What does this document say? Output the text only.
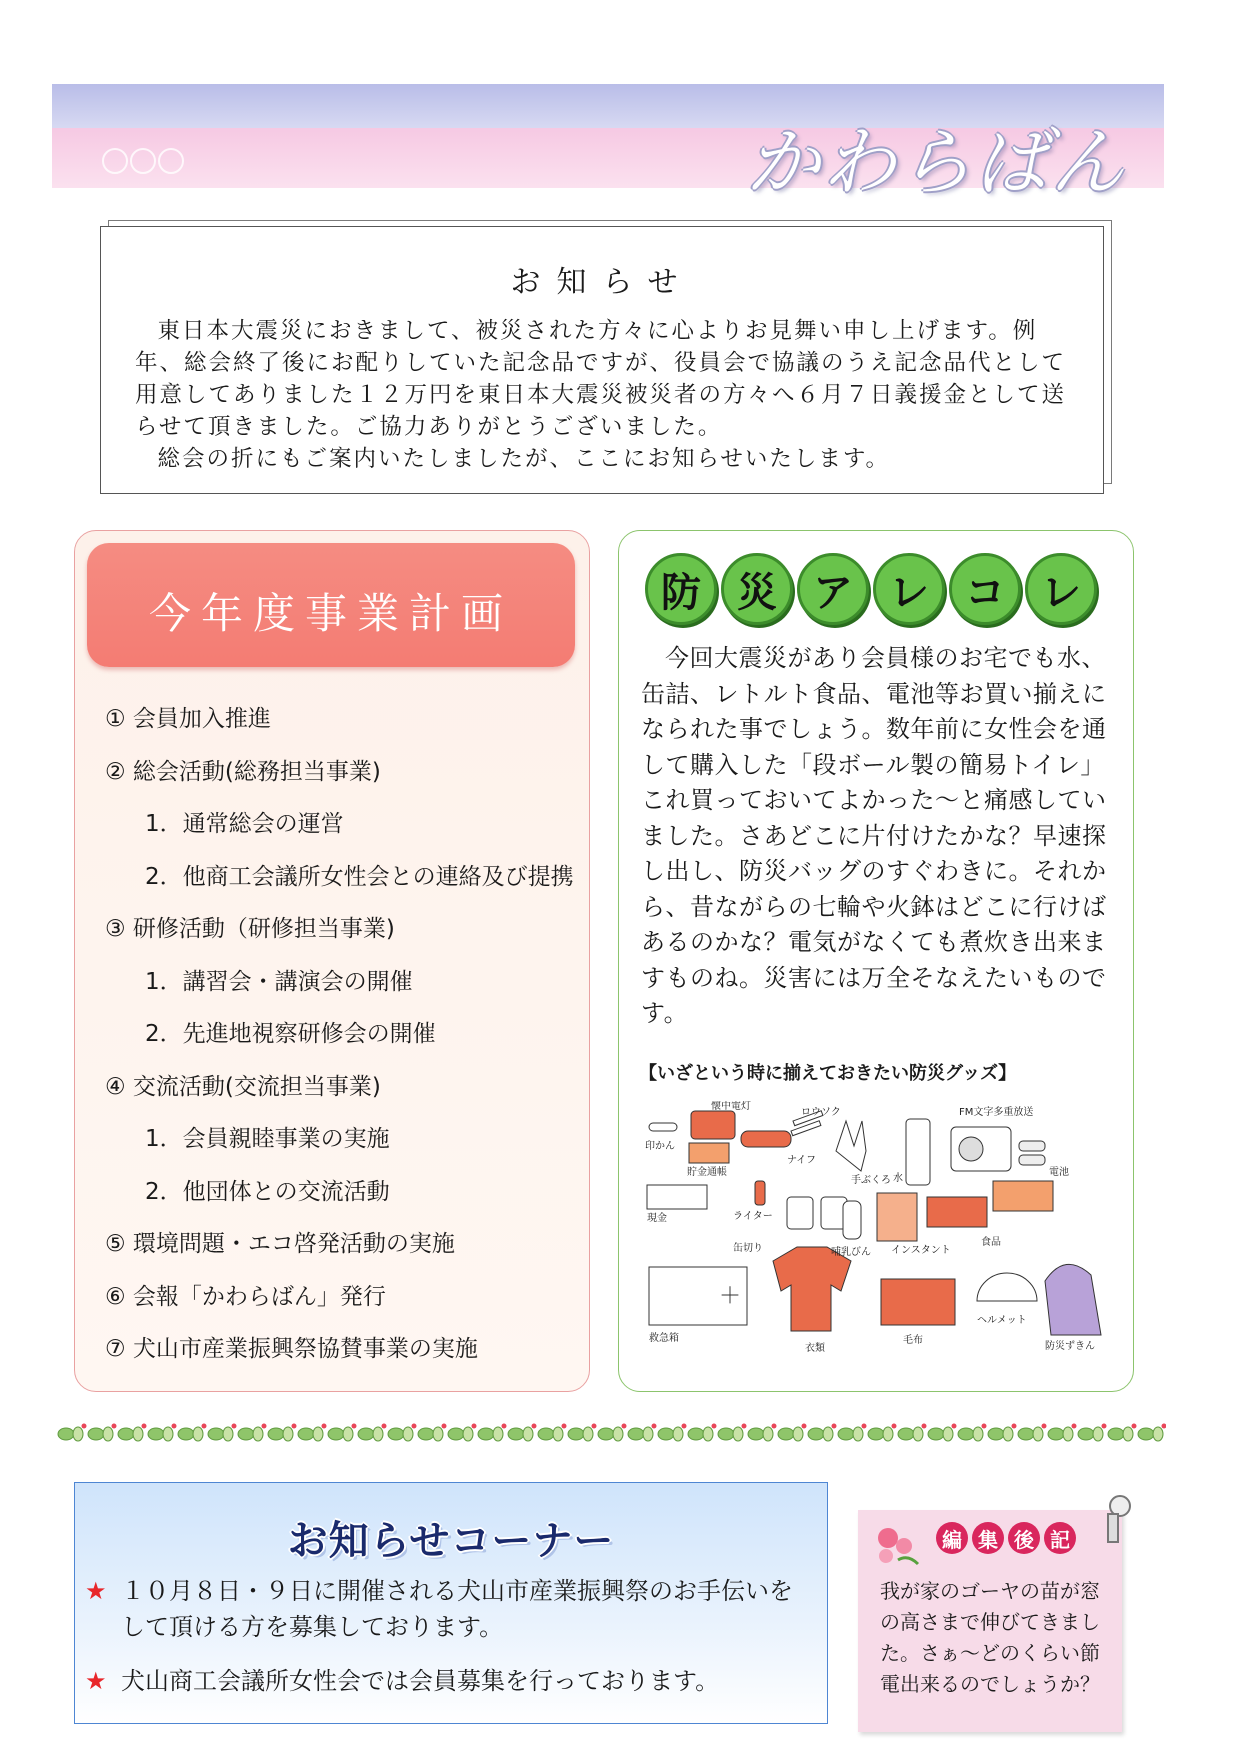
かわらばん
お知らせ

東日本大震災におきまして、被災された方々に心よりお見舞い申し上げます。例年、総会終了後にお配りしていた記念品ですが、役員会で協議のうえ記念品代として用意してありました１２万円を東日本大震災被災者の方々へ６月７日義援金として送らせて頂きました。ご協力ありがとうございました。

総会の折にもご案内いたしましたが、ここにお知らせいたします。

今年度事業計画
① 会員加入推進
② 総会活動(総務担当事業)
1．通常総会の運営
2．他商工会議所女性会との連絡及び提携
③ 研修活動（研修担当事業)
1．講習会・講演会の開催
2．先進地視察研修会の開催
④ 交流活動(交流担当事業)
1．会員親睦事業の実施
2．他団体との交流活動
⑤ 環境問題・エコ啓発活動の実施
⑥ 会報「かわらばん」発行
⑦ 犬山市産業振興祭協賛事業の実施
防 災 ア レ コ レ

今回大震災があり会員様のお宅でも水、缶詰、レトルト食品、電池等お買い揃えになられた事でしょう。数年前に女性会を通して購入した「段ボール製の簡易トイレ」これ買っておいてよかった～と痛感していました。さあどこに片付けたかな？早速探し出し、防災バッグのすぐわきに。それから、昔ながらの七輪や火鉢はどこに行けばあるのかな？電気がなくても煮炊き出来ますものね。災害には万全そなえたいものです。

【いざという時に揃えておきたい防災グッズ】
＋
印かん
懐中電灯
ロウソク
貯金通帳
ナイフ
水
手ぶくろ
FM文字多重放送
電池
現金	ライター
缶切り	哺乳びん インスタント
食品
救急箱
衣類
毛布
ヘルメット
防災ずきん
お知らせコーナー
★ １０月８日・９日に開催される犬山市産業振興祭のお手伝いをして頂ける方を募集しております。
★ 犬山商工会議所女性会では会員募集を行っております。
編 集 後 記
我が家のゴーヤの苗が窓の高さまで伸びてきました。さぁ～どのくらい節電出来るのでしょうか？
